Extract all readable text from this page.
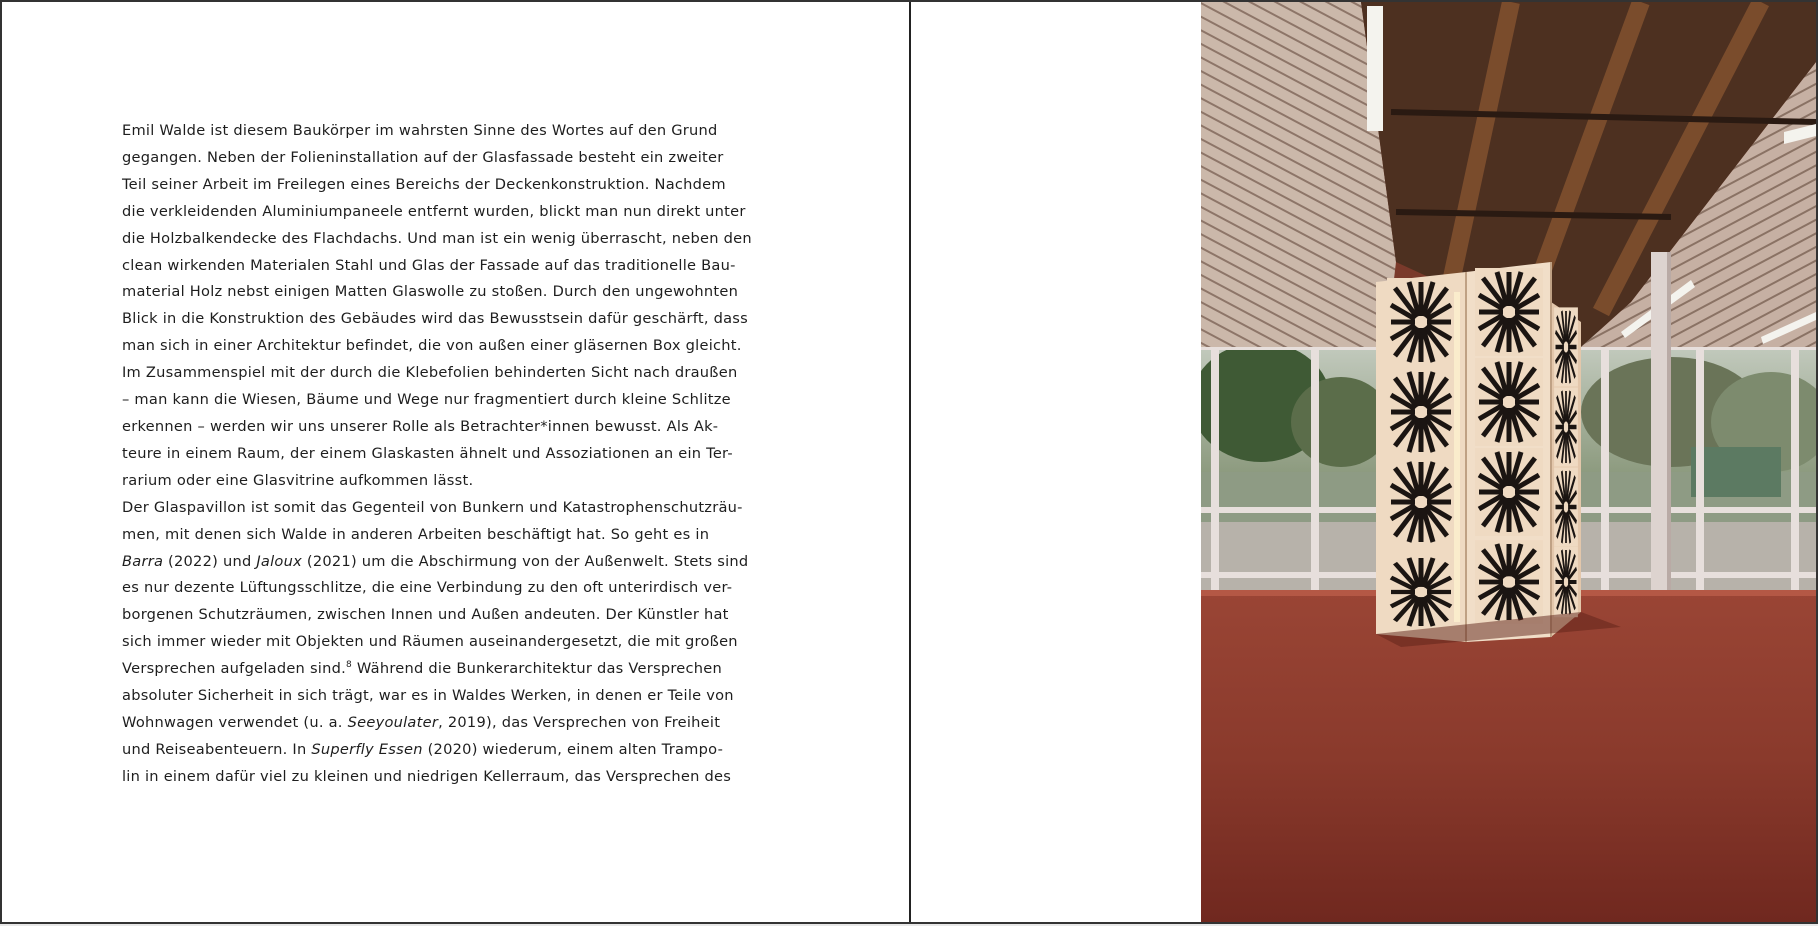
Emil Walde ist diesem Baukörper im wahrsten Sinne des Wortes auf den Grund
gegangen. Neben der Folieninstallation auf der Glasfassade besteht ein zweiter
Teil seiner Arbeit im Freilegen eines Bereichs der Deckenkonstruktion. Nachdem
die verkleidenden Aluminiumpaneele entfernt wurden, blickt man nun direkt unter
die Holzbalkendecke des Flachdachs. Und man ist ein wenig überrascht, neben den
clean wirkenden Materialen Stahl und Glas der Fassade auf das traditionelle Bau-
material Holz nebst einigen Matten Glaswolle zu stoßen. Durch den ungewohnten
Blick in die Konstruktion des Gebäudes wird das Bewusstsein dafür geschärft, dass
man sich in einer Architektur befindet, die von außen einer gläsernen Box gleicht.
Im Zusammenspiel mit der durch die Klebefolien behinderten Sicht nach draußen
– man kann die Wiesen, Bäume und Wege nur fragmentiert durch kleine Schlitze
erkennen – werden wir uns unserer Rolle als Betrachter*innen bewusst. Als Ak-
teure in einem Raum, der einem Glaskasten ähnelt und Assoziationen an ein Ter-
rarium oder eine Glasvitrine aufkommen lässt.
Der Glaspavillon ist somit das Gegenteil von Bunkern und Katastrophenschutzräu-
men, mit denen sich Walde in anderen Arbeiten beschäftigt hat. So geht es in
Barra (2022) und Jaloux (2021) um die Abschirmung von der Außenwelt. Stets sind
es nur dezente Lüftungsschlitze, die eine Verbindung zu den oft unterirdisch ver-
borgenen Schutzräumen, zwischen Innen und Außen andeuten. Der Künstler hat
sich immer wieder mit Objekten und Räumen auseinandergesetzt, die mit großen
Versprechen aufgeladen sind.$^8$ Während die Bunkerarchitektur das Versprechen
absoluter Sicherheit in sich trägt, war es in Waldes Werken, in denen er Teile von
Wohnwagen verwendet (u. a. Seeyoulater, 2019), das Versprechen von Freiheit
und Reiseabenteuern. In Superfly Essen (2020) wiederum, einem alten Trampo-
lin in einem dafür viel zu kleinen und niedrigen Kellerraum, das Versprechen des
